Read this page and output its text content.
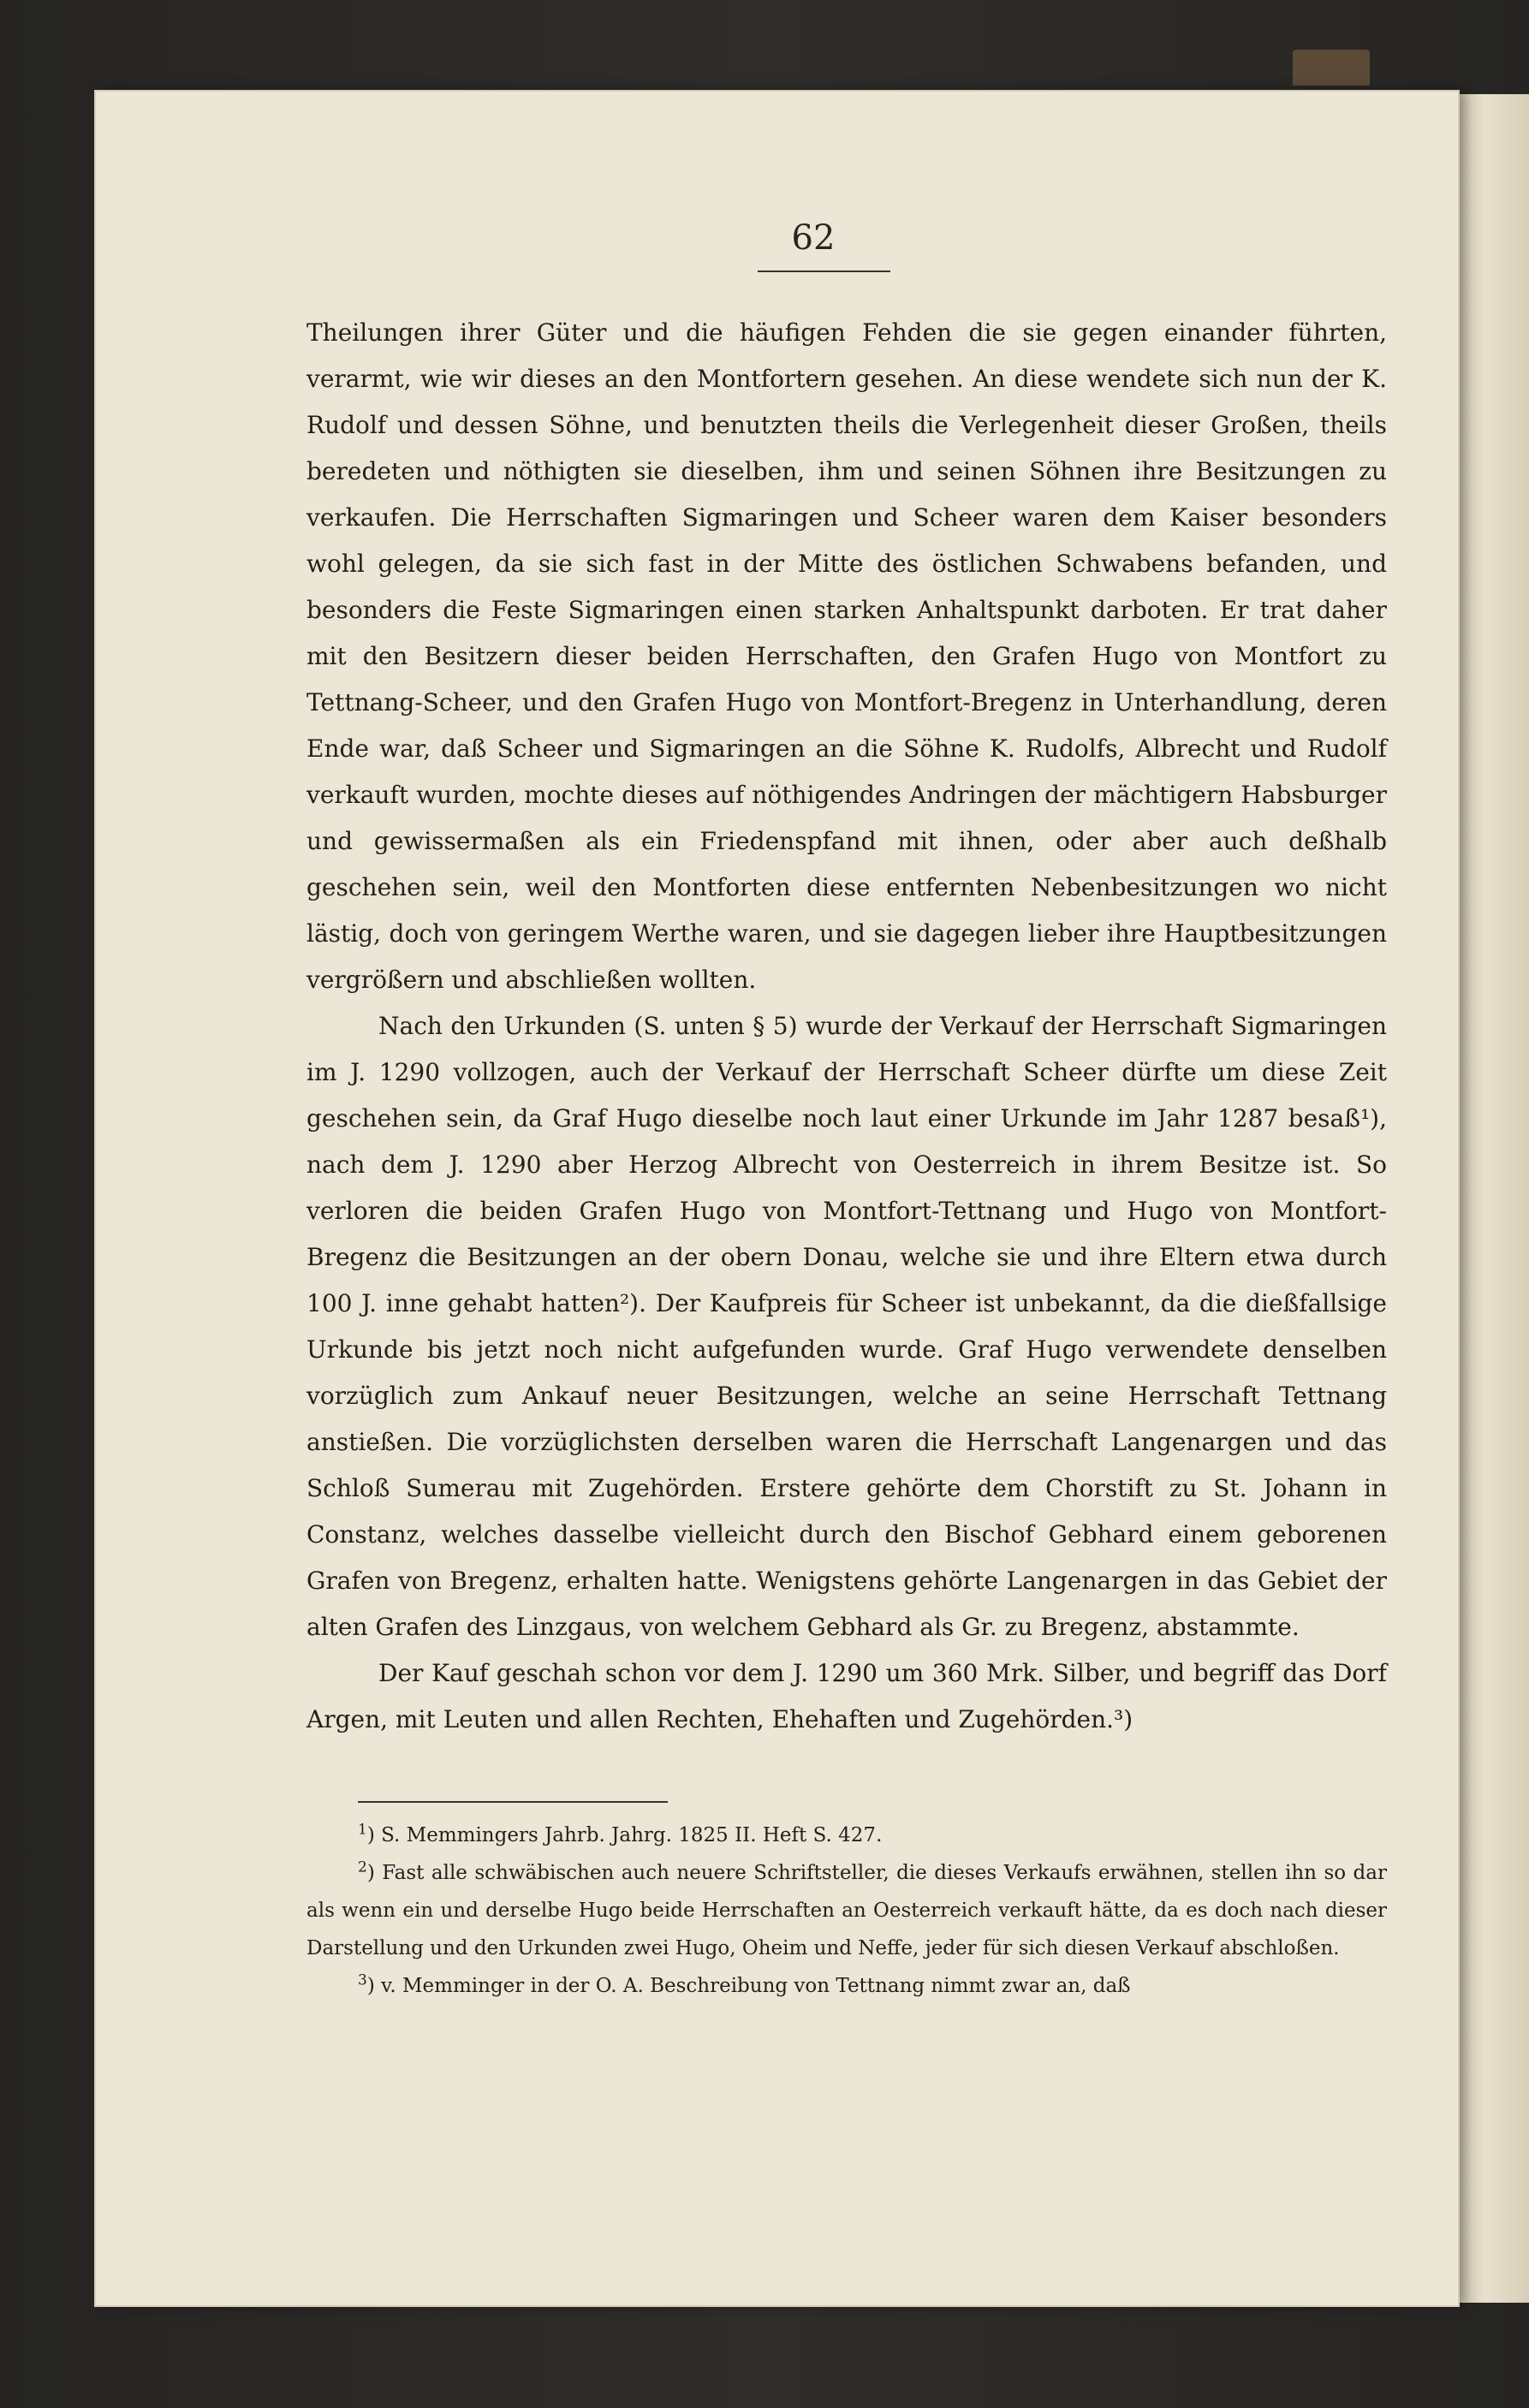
62

Theilungen ihrer Güter und die häufigen Fehden die sie gegen einander führten, verarmt, wie wir dieses an den Montfortern gesehen. An diese wendete sich nun der K. Rudolf und dessen Söhne, und benutzten theils die Verlegenheit dieser Großen, theils beredeten und nöthigten sie dieselben, ihm und seinen Söhnen ihre Besitzungen zu verkaufen. Die Herrschaften Sigmaringen und Scheer waren dem Kaiser besonders wohl gelegen, da sie sich fast in der Mitte des östlichen Schwabens befanden, und besonders die Feste Sigmaringen einen starken Anhaltspunkt darboten. Er trat daher mit den Besitzern dieser beiden Herrschaften, den Grafen Hugo von Montfort zu Tettnang-Scheer, und den Grafen Hugo von Montfort-Bregenz in Unterhandlung, deren Ende war, daß Scheer und Sigmaringen an die Söhne K. Rudolfs, Albrecht und Rudolf verkauft wurden, mochte dieses auf nöthigendes Andringen der mächtigern Habsburger und gewissermaßen als ein Friedenspfand mit ihnen, oder aber auch deßhalb geschehen sein, weil den Montforten diese entfernten Nebenbesitzungen wo nicht lästig, doch von geringem Werthe waren, und sie dagegen lieber ihre Hauptbesitzungen vergrößern und abschließen wollten.

Nach den Urkunden (S. unten § 5) wurde der Verkauf der Herrschaft Sigmaringen im J. 1290 vollzogen, auch der Verkauf der Herrschaft Scheer dürfte um diese Zeit geschehen sein, da Graf Hugo dieselbe noch laut einer Urkunde im Jahr 1287 besaß¹), nach dem J. 1290 aber Herzog Albrecht von Oesterreich in ihrem Besitze ist. So verloren die beiden Grafen Hugo von Montfort-Tettnang und Hugo von Montfort-Bregenz die Besitzungen an der obern Donau, welche sie und ihre Eltern etwa durch 100 J. inne gehabt hatten²). Der Kaufpreis für Scheer ist unbekannt, da die dießfallsige Urkunde bis jetzt noch nicht aufgefunden wurde. Graf Hugo verwendete denselben vorzüglich zum Ankauf neuer Besitzungen, welche an seine Herrschaft Tettnang anstießen. Die vorzüglichsten derselben waren die Herrschaft Langenargen und das Schloß Sumerau mit Zugehörden. Erstere gehörte dem Chorstift zu St. Johann in Constanz, welches dasselbe vielleicht durch den Bischof Gebhard einem geborenen Grafen von Bregenz, erhalten hatte. Wenigstens gehörte Langenargen in das Gebiet der alten Grafen des Linzgaus, von welchem Gebhard als Gr. zu Bregenz, abstammte.

Der Kauf geschah schon vor dem J. 1290 um 360 Mrk. Silber, und begriff das Dorf Argen, mit Leuten und allen Rechten, Ehehaften und Zugehörden.³)

$^1$) S. Memmingers Jahrb. Jahrg. 1825 II. Heft S. 427.

$^2$) Fast alle schwäbischen auch neuere Schriftsteller, die dieses Verkaufs erwähnen, stellen ihn so dar als wenn ein und derselbe Hugo beide Herrschaften an Oesterreich verkauft hätte, da es doch nach dieser Darstellung und den Urkunden zwei Hugo, Oheim und Neffe, jeder für sich diesen Verkauf abschloßen.

$^3$) v. Memminger in der O. A. Beschreibung von Tettnang nimmt zwar an, daß
